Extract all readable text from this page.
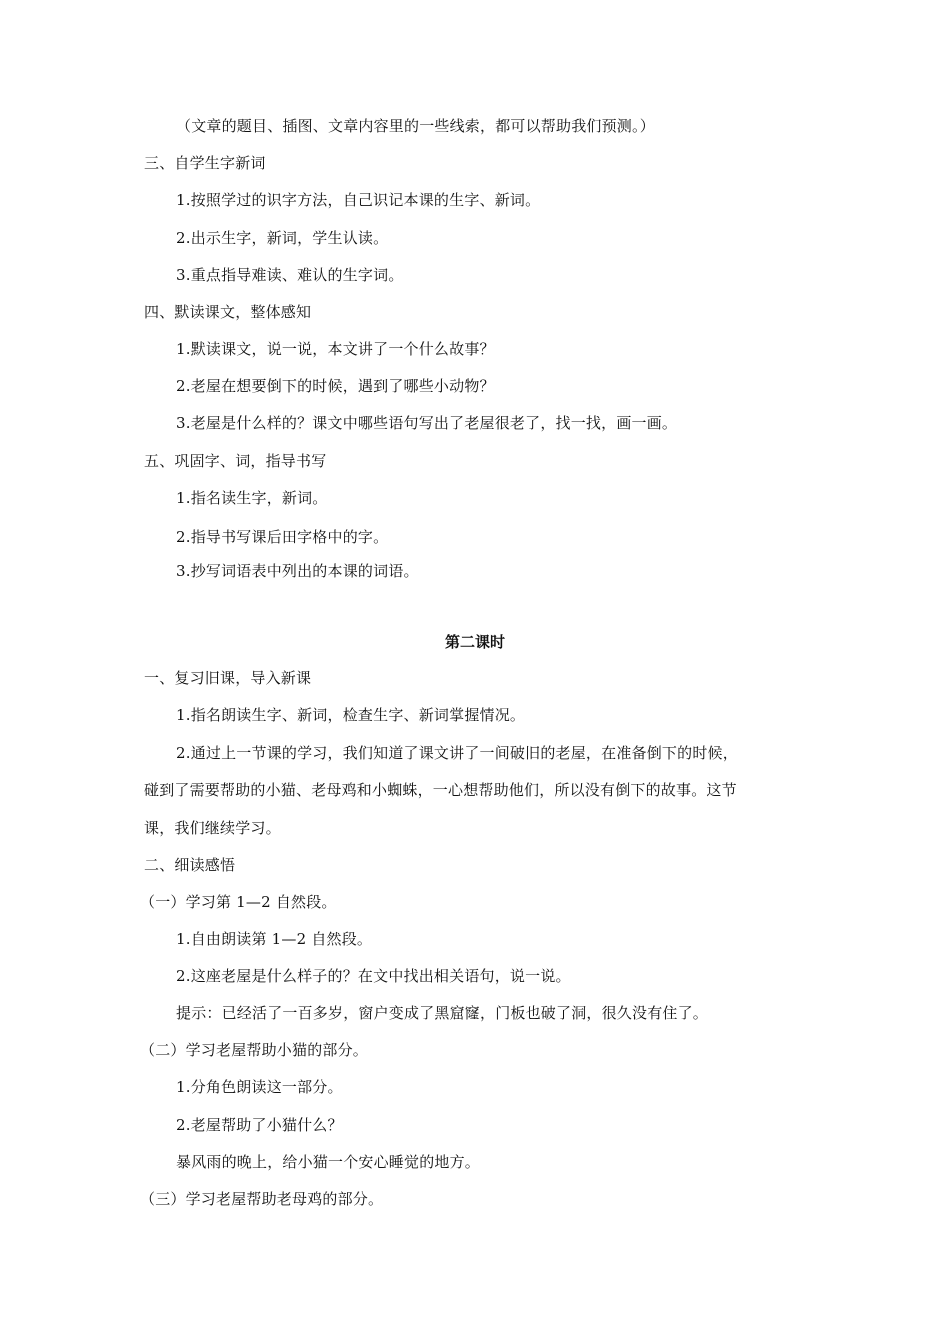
（文章的题目、插图、文章内容里的一些线索，都可以帮助我们预测。）
三、自学生字新词
1.按照学过的识字方法，自己识记本课的生字、新词。
2.出示生字，新词，学生认读。
3.重点指导难读、难认的生字词。
四、默读课文，整体感知
1.默读课文，说一说，本文讲了一个什么故事？
2.老屋在想要倒下的时候，遇到了哪些小动物？
3.老屋是什么样的？课文中哪些语句写出了老屋很老了，找一找，画一画。
五、巩固字、词，指导书写
1.指名读生字，新词。
2.指导书写课后田字格中的字。
3.抄写词语表中列出的本课的词语。
第二课时
一、复习旧课，导入新课
1.指名朗读生字、新词，检查生字、新词掌握情况。
2.通过上一节课的学习，我们知道了课文讲了一间破旧的老屋，在准备倒下的时候，
碰到了需要帮助的小猫、老母鸡和小蜘蛛，一心想帮助他们，所以没有倒下的故事。这节
课，我们继续学习。
二、细读感悟
（一）学习第 1—2 自然段。
1.自由朗读第 1—2 自然段。
2.这座老屋是什么样子的？在文中找出相关语句，说一说。
提示：已经活了一百多岁，窗户变成了黑窟窿，门板也破了洞，很久没有住了。
（二）学习老屋帮助小猫的部分。
1.分角色朗读这一部分。
2.老屋帮助了小猫什么？
暴风雨的晚上，给小猫一个安心睡觉的地方。
（三）学习老屋帮助老母鸡的部分。
